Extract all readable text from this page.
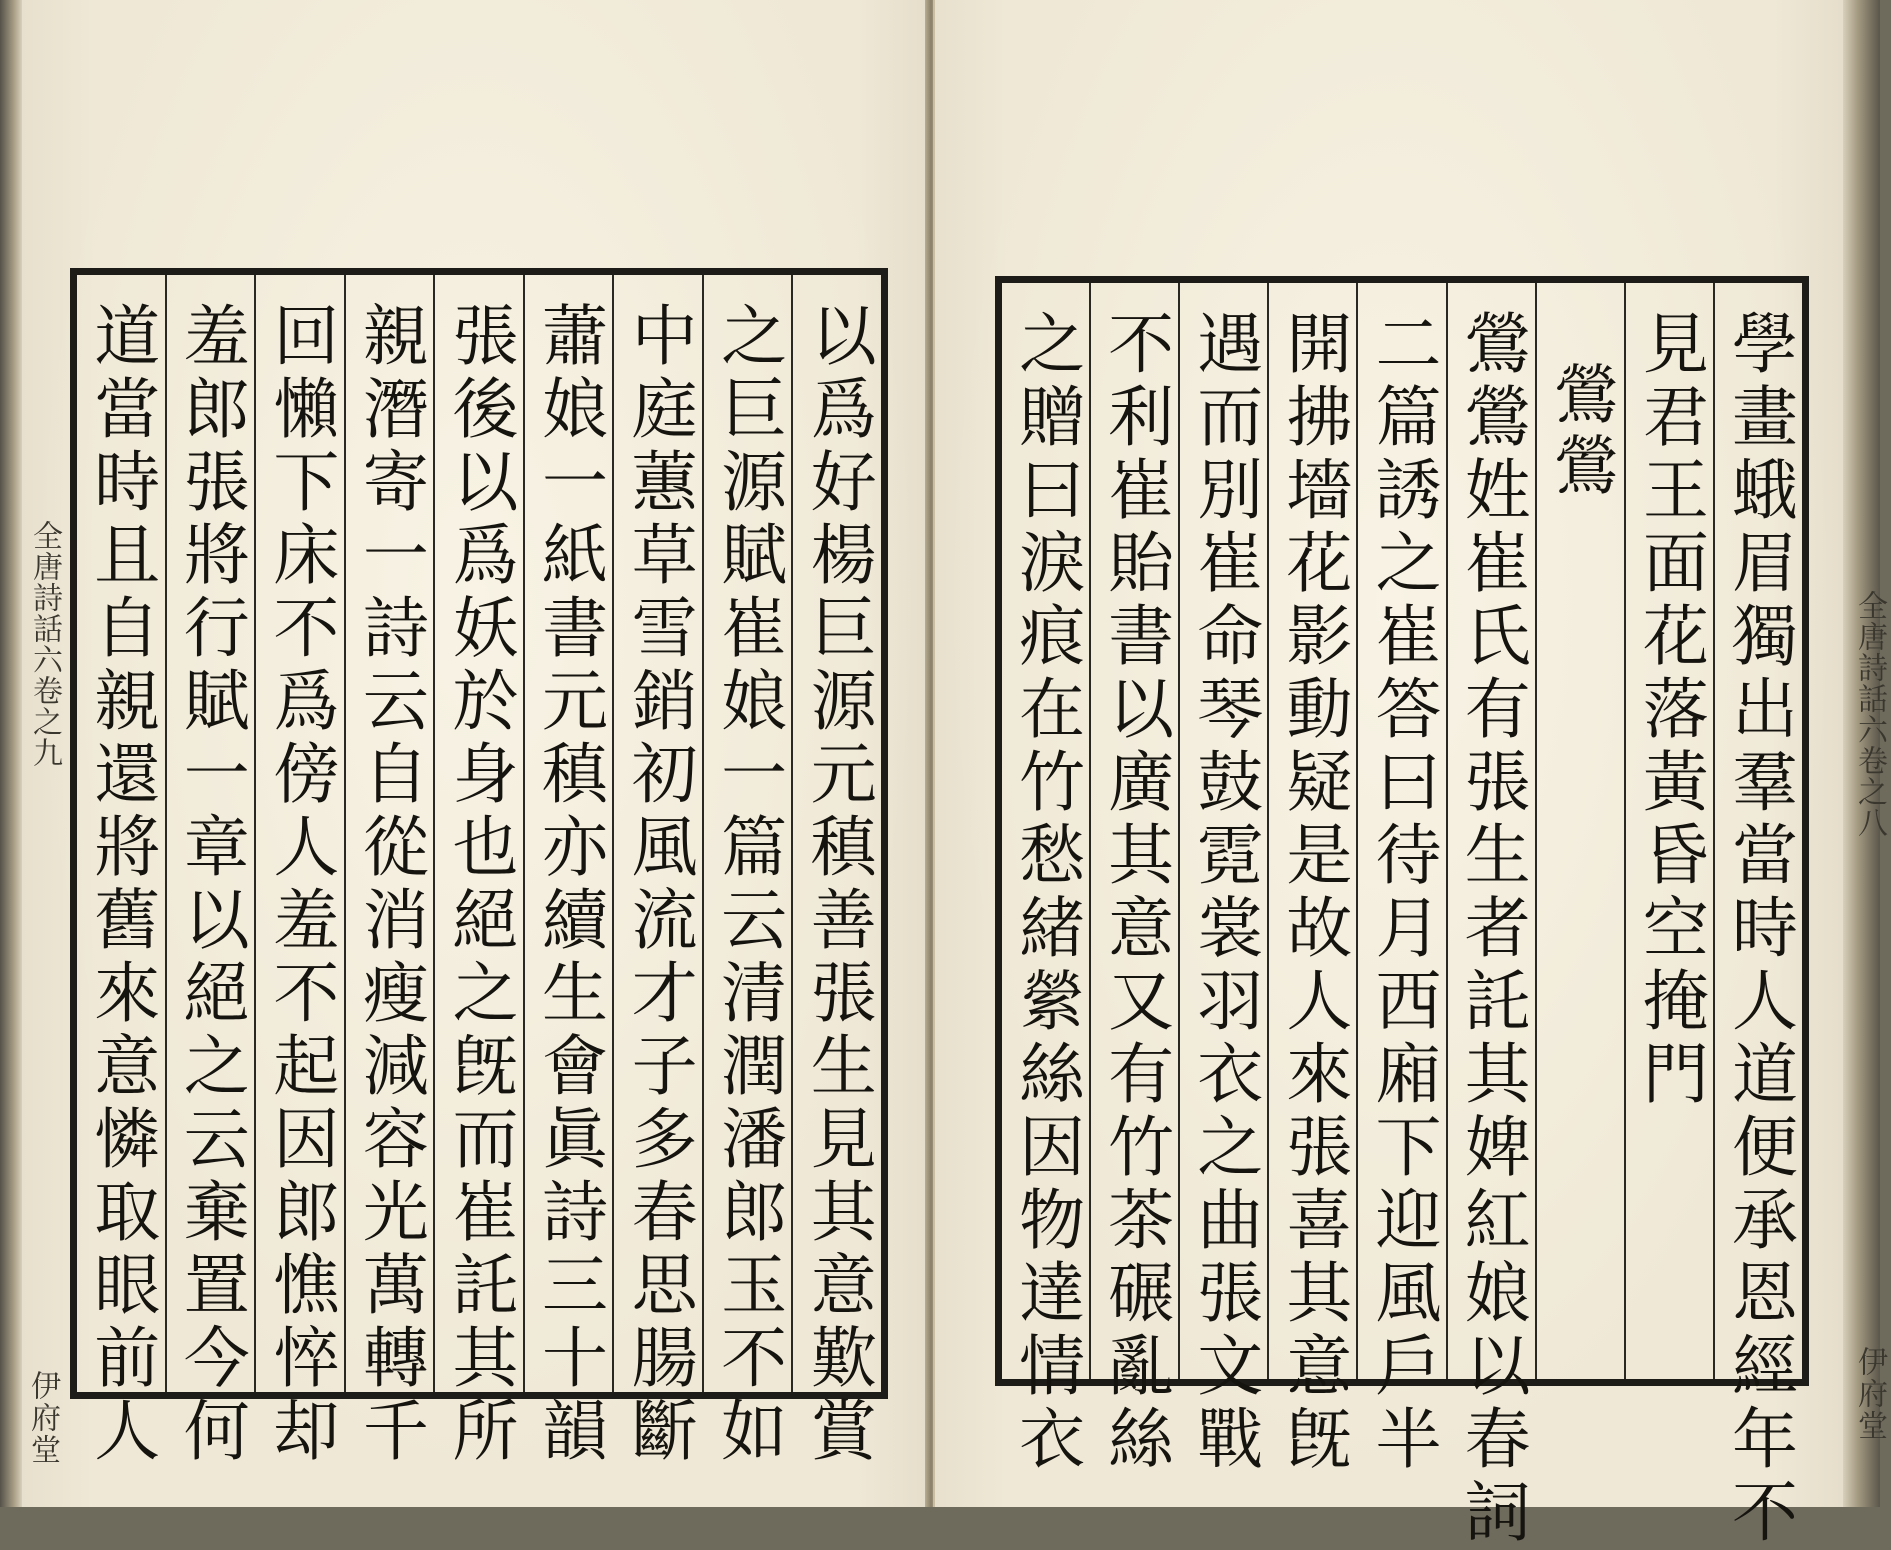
以爲好楊巨源元稹善張生見其意歎賞
之巨源賦崔娘一篇云清潤潘郎玉不如
中庭蕙草雪銷初風流才子多春思腸斷
蕭娘一紙書元稹亦續生會眞詩三十韻
張後以爲妖於身也絕之旣而崔託其所
親潛寄一詩云自從消瘦減容光萬轉千
回懶下床不爲傍人羞不起因郎憔悴却
羞郎張將行賦一章以絕之云棄置今何
道當時且自親還將舊來意憐取眼前人	學畫蛾眉獨出羣當時人道便承恩經年不
見君王面花落黃昏空掩門
鶯鶯
鶯鶯姓崔氏有張生者託其婢紅娘以春詞
二篇誘之崔答曰待月西廂下迎風戶半
開拂墻花影動疑是故人來張喜其意旣
遇而別崔命琴鼓霓裳羽衣之曲張文戰
不利崔貽書以廣其意又有竹茶碾亂絲
之贈曰淚痕在竹愁緒縈絲因物達情衣
全唐詩話六卷之九
伊府堂
全唐詩話六卷之八
伊府堂
